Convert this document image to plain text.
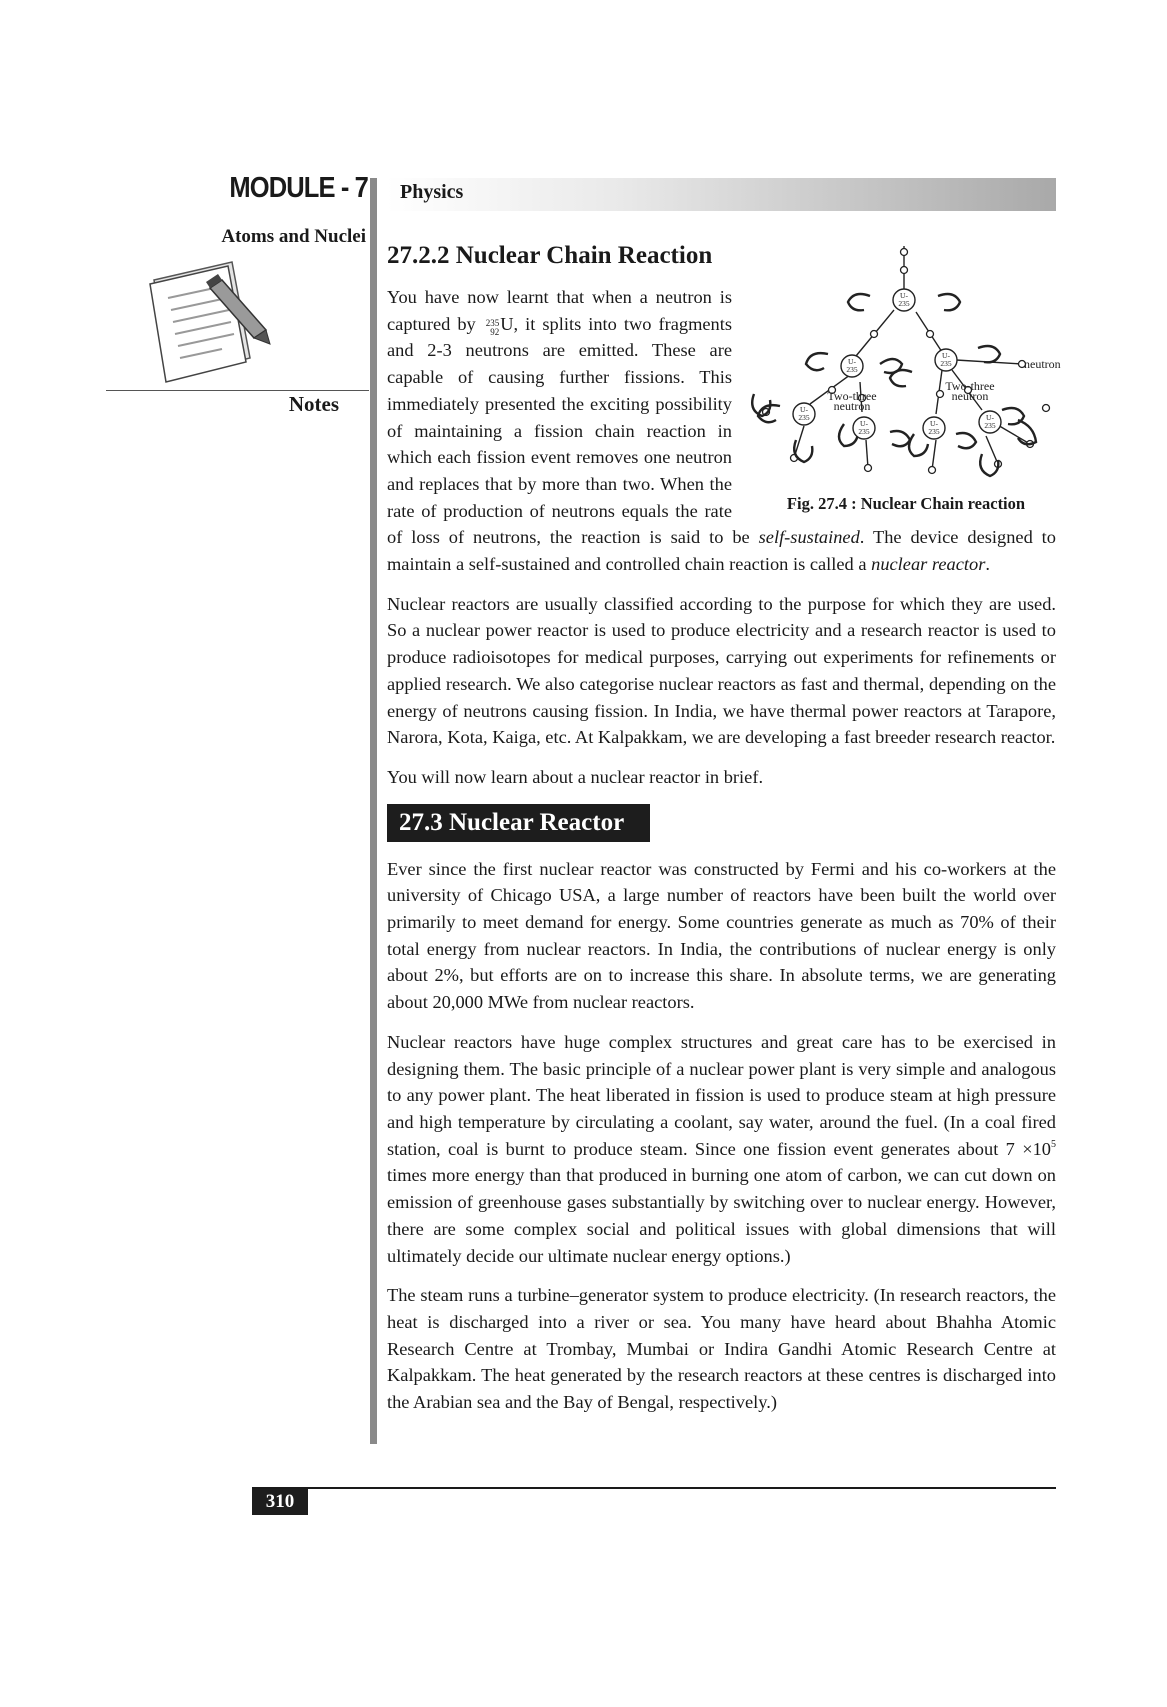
MODULE - 7
Atoms and Nuclei
Notes
Physics
27.2.2 Nuclear Chain Reaction
U-
235
U-
235
U-
235
U-
235
U-
235
U-
235
U-
235
neutron
Two-three
neutron
Two-three
neutron
Fig. 27.4 : Nuclear Chain reaction

You have now learnt that when a neutron is captured by 235
92 U, it splits into two fragments and 2-3 neutrons are emitted. These are capable of causing further fissions. This immediately presented the exciting possibility of maintaining a fission chain reaction in which each fission event removes one neutron and replaces that by more than two. When the rate of production of neutrons equals the rate of loss of neutrons, the reaction is said to be self-sustained. The device designed to maintain a self-sustained and controlled chain reaction is called a nuclear reactor.

Nuclear reactors are usually classified according to the purpose for which they are used. So a nuclear power reactor is used to produce electricity and a research reactor is used to produce radioisotopes for medical purposes, carrying out experiments for refinements or applied research. We also categorise nuclear reactors as fast and thermal, depending on the energy of neutrons causing fission. In India, we have thermal power reactors at Tarapore, Narora, Kota, Kaiga, etc. At Kalpakkam, we are developing a fast breeder research reactor.

You will now learn about a nuclear reactor in brief.

27.3 Nuclear Reactor

Ever since the first nuclear reactor was constructed by Fermi and his co-workers at the university of Chicago USA, a large number of reactors have been built the world over primarily to meet demand for energy. Some countries generate as much as 70% of their total energy from nuclear reactors. In India, the contributions of nuclear energy is only about 2%, but efforts are on to increase this share. In absolute terms, we are generating about 20,000 MWe from nuclear reactors.

Nuclear reactors have huge complex structures and great care has to be exercised in designing them. The basic principle of a nuclear power plant is very simple and analogous to any power plant. The heat liberated in fission is used to produce steam at high pressure and high temperature by circulating a coolant, say water, around the fuel. (In a coal fired station, coal is burnt to produce steam. Since one fission event generates about $7 \times 10^5$ times more energy than that produced in burning one atom of carbon, we can cut down on emission of greenhouse gases substantially by switching over to nuclear energy. However, there are some complex social and political issues with global dimensions that will ultimately decide our ultimate nuclear energy options.)

The steam runs a turbine–generator system to produce electricity. (In research reactors, the heat is discharged into a river or sea. You many have heard about Bhahha Atomic Research Centre at Trombay, Mumbai or Indira Gandhi Atomic Research Centre at Kalpakkam. The heat generated by the research reactors at these centres is discharged into the Arabian sea and the Bay of Bengal, respectively.)

310
